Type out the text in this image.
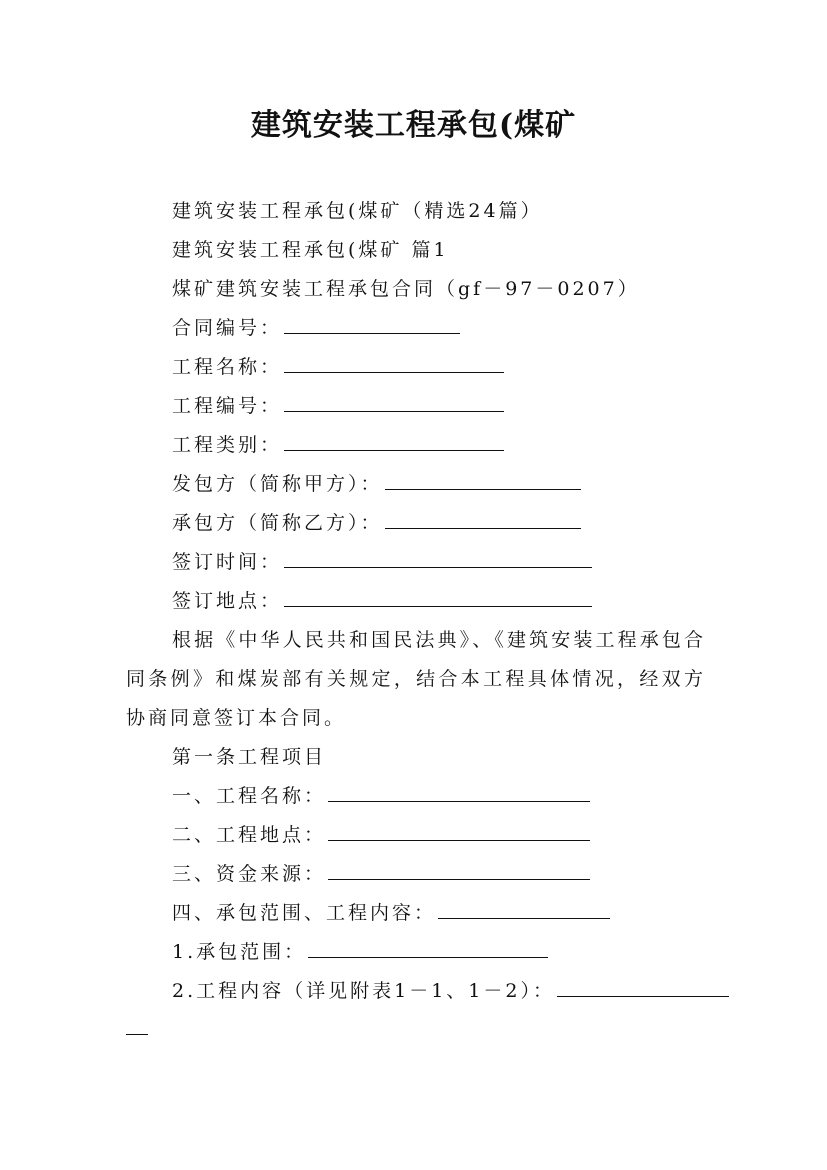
建筑安装工程承包(煤矿
建筑安装工程承包(煤矿（精选24篇）
建筑安装工程承包(煤矿 篇1
煤矿建筑安装工程承包合同（gf－97－0207）
合同编号：
工程名称：
工程编号：
工程类别：
发包方（简称甲方）：
承包方（简称乙方）：
签订时间：
签订地点：
根据《中华人民共和国民法典》、《建筑安装工程承包合同条例》和煤炭部有关规定，结合本工程具体情况，经双方协商同意签订本合同。
第一条工程项目
一、工程名称：
二、工程地点：
三、资金来源：
四、承包范围、工程内容：
1.承包范围：
2.工程内容（详见附表1－1、1－2）：
